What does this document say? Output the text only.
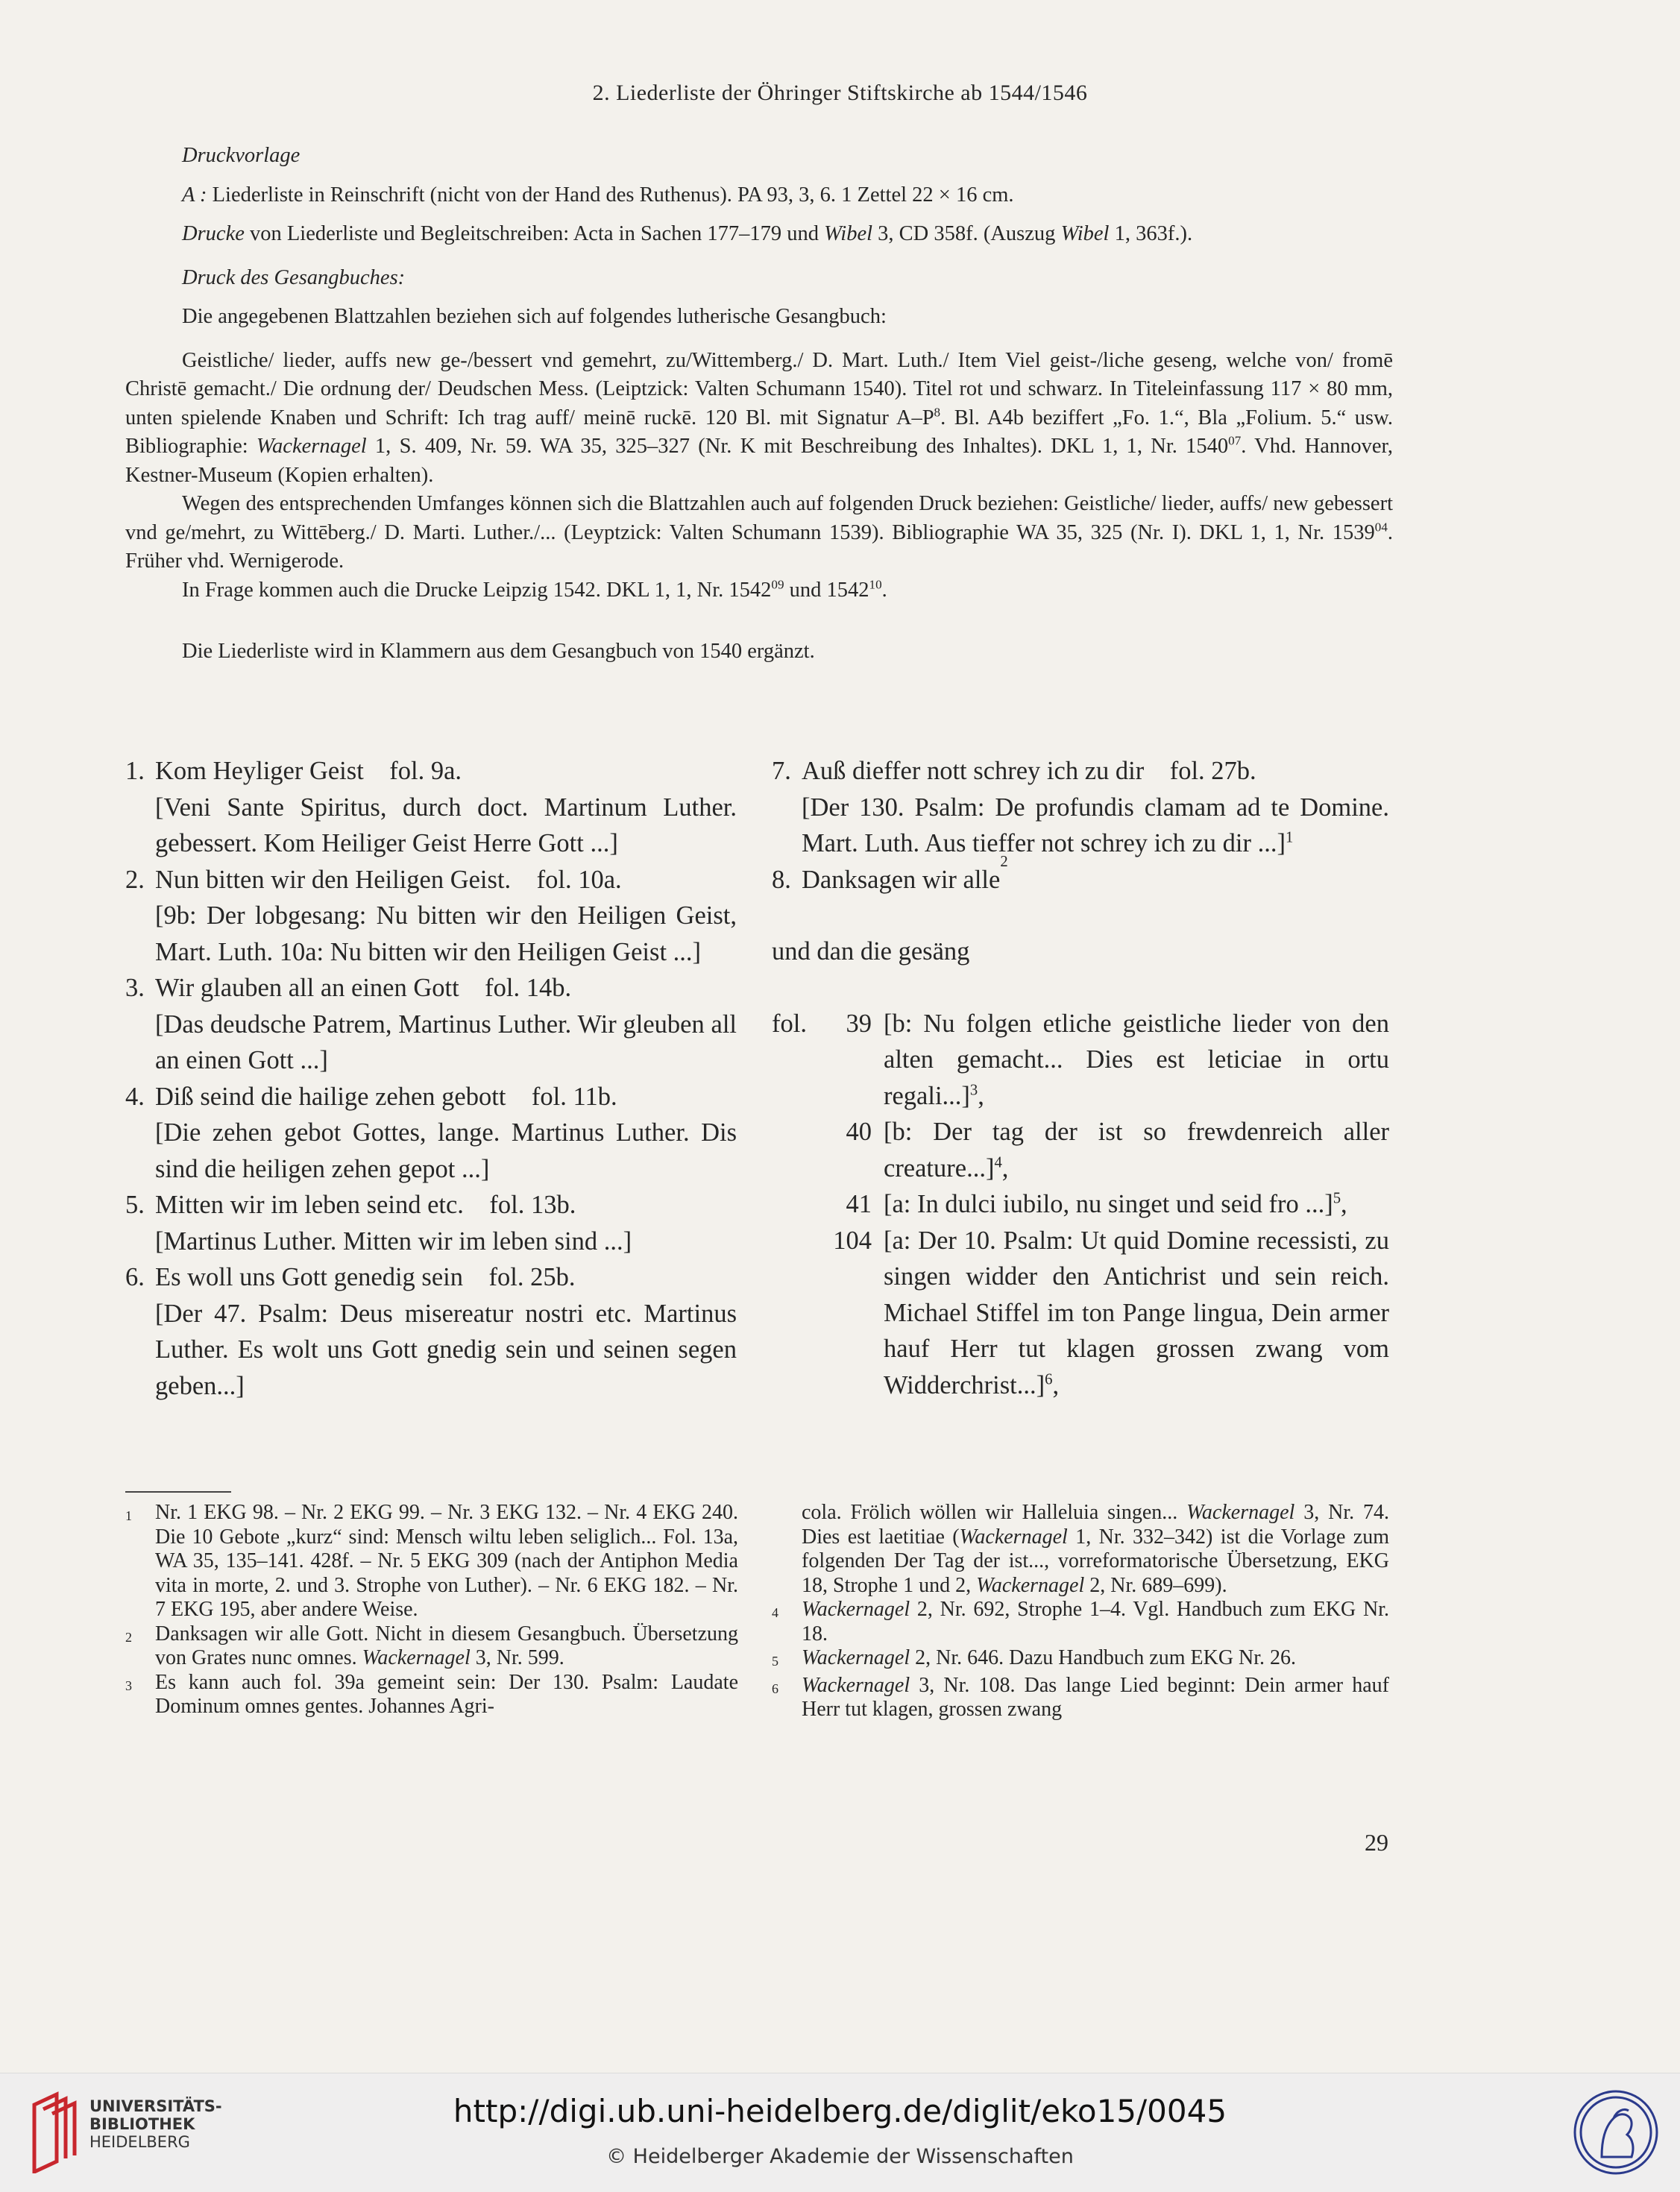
2. Liederliste der Öhringer Stiftskirche ab 1544/1546

Druckvorlage

A : Liederliste in Reinschrift (nicht von der Hand des Ruthenus). PA 93, 3, 6. 1 Zettel 22 × 16 cm.

Drucke von Liederliste und Begleitschreiben: Acta in Sachen 177–179 und Wibel 3, CD 358f. (Auszug Wibel 1, 363f.).

Druck des Gesangbuches:

Die angegebenen Blattzahlen beziehen sich auf folgendes lutherische Gesangbuch:

Geistliche/ lieder, auffs new ge-/bessert vnd gemehrt, zu/Wittemberg./ D. Mart. Luth./ Item Viel geist-/liche geseng, welche von/ fromē Christē gemacht./ Die ordnung der/ Deudschen Mess. (Leiptzick: Valten Schumann 1540). Titel rot und schwarz. In Titeleinfassung 117 × 80 mm, unten spielende Knaben und Schrift: Ich trag auff/ meinē ruckē. 120 Bl. mit Signatur $A-P^8$. Bl. A4b beziffert „Fo. 1.“, Bla „Folium. 5.“ usw. Bibliographie: Wackernagel 1, S. 409, Nr. 59. WA 35, 325–327 (Nr. K mit Beschreibung des Inhaltes). DKL 1, 1, Nr. 1540$^{07}$. Vhd. Hannover, Kestner-Museum (Kopien erhalten).

Wegen des entsprechenden Umfanges können sich die Blattzahlen auch auf folgenden Druck beziehen: Geistliche/ lieder, auffs/ new gebessert vnd ge/mehrt, zu Wittēberg./ D. Marti. Luther./... (Leyptzick: Valten Schumann 1539). Bibliographie WA 35, 325 (Nr. I). DKL 1, 1, Nr. 1539$^{04}$. Früher vhd. Wernigerode.

In Frage kommen auch die Drucke Leipzig 1542. DKL 1, 1, Nr. 1542$^{09}$ und 1542$^{10}$.

Die Liederliste wird in Klammern aus dem Gesangbuch von 1540 ergänzt.

1. Kom Heyliger Geist    fol. 9a.

[Veni Sante Spiritus, durch doct. Martinum Luther. gebessert. Kom Heiliger Geist Herre Gott ...]

2. Nun bitten wir den Heiligen Geist.    fol. 10a.

[9b: Der lobgesang: Nu bitten wir den Heiligen Geist, Mart. Luth. 10a: Nu bitten wir den Heiligen Geist ...]

3. Wir glauben all an einen Gott    fol. 14b.

[Das deudsche Patrem, Martinus Luther. Wir gleuben all an einen Gott ...]

4. Diß seind die hailige zehen gebott    fol. 11b.

[Die zehen gebot Gottes, lange. Martinus Luther. Dis sind die heiligen zehen gepot ...]

5. Mitten wir im leben seind etc.    fol. 13b.

[Martinus Luther. Mitten wir im leben sind ...]

6. Es woll uns Gott genedig sein    fol. 25b.

[Der 47. Psalm: Deus misereatur nostri etc. Martinus Luther. Es wolt uns Gott gnedig sein und seinen segen geben...]

7. Auß dieffer nott schrey ich zu dir    fol. 27b.

[Der 130. Psalm: De profundis clamam ad te Domine. Mart. Luth. Aus tieffer not schrey ich zu dir ...]$^1$

8. Danksagen wir alle
2

und dan die gesäng

fol. 39 [b: Nu folgen etliche geistliche lieder von den alten gemacht... Dies est leticiae in ortu regali...]$^3$,

40 [b: Der tag der ist so frewdenreich aller creature...]$^4$,

41 [a: In dulci iubilo, nu singet und seid fro ...]$^5$,

104 [a: Der 10. Psalm: Ut quid Domine recessisti, zu singen widder den Antichrist und sein reich. Michael Stiffel im ton Pange lingua, Dein armer hauf Herr tut klagen grossen zwang vom Widderchrist...]$^6$,

1	Nr. 1 EKG 98. – Nr. 2 EKG 99. – Nr. 3 EKG 132. – Nr. 4 EKG 240. Die 10 Gebote „kurz“ sind: Mensch wiltu leben seliglich... Fol. 13a, WA 35, 135–141. 428f. – Nr. 5 EKG 309 (nach der Antiphon Media vita in morte, 2. und 3. Strophe von Luther). – Nr. 6 EKG 182. – Nr. 7 EKG 195, aber andere Weise.

2	Danksagen wir alle Gott. Nicht in diesem Gesangbuch. Übersetzung von Grates nunc omnes. Wackernagel 3, Nr. 599.

3	Es kann auch fol. 39a gemeint sein: Der 130. Psalm: Laudate Dominum omnes gentes. Johannes Agri-

cola. Frölich wöllen wir Halleluia singen... Wackernagel 3, Nr. 74. Dies est laetitiae (Wackernagel 1, Nr. 332–342) ist die Vorlage zum folgenden Der Tag der ist..., vorreformatorische Übersetzung, EKG 18, Strophe 1 und 2, Wackernagel 2, Nr. 689–699).

4	Wackernagel 2, Nr. 692, Strophe 1–4. Vgl. Handbuch zum EKG Nr. 18.

5	Wackernagel 2, Nr. 646. Dazu Handbuch zum EKG Nr. 26.

6	Wackernagel 3, Nr. 108. Das lange Lied beginnt: Dein armer hauf Herr tut klagen, grossen zwang

29
UNIVERSITÄTS-
BIBLIOTHEK
HEIDELBERG
http://digi.ub.uni-heidelberg.de/diglit/eko15/0045
© Heidelberger Akademie der Wissenschaften
